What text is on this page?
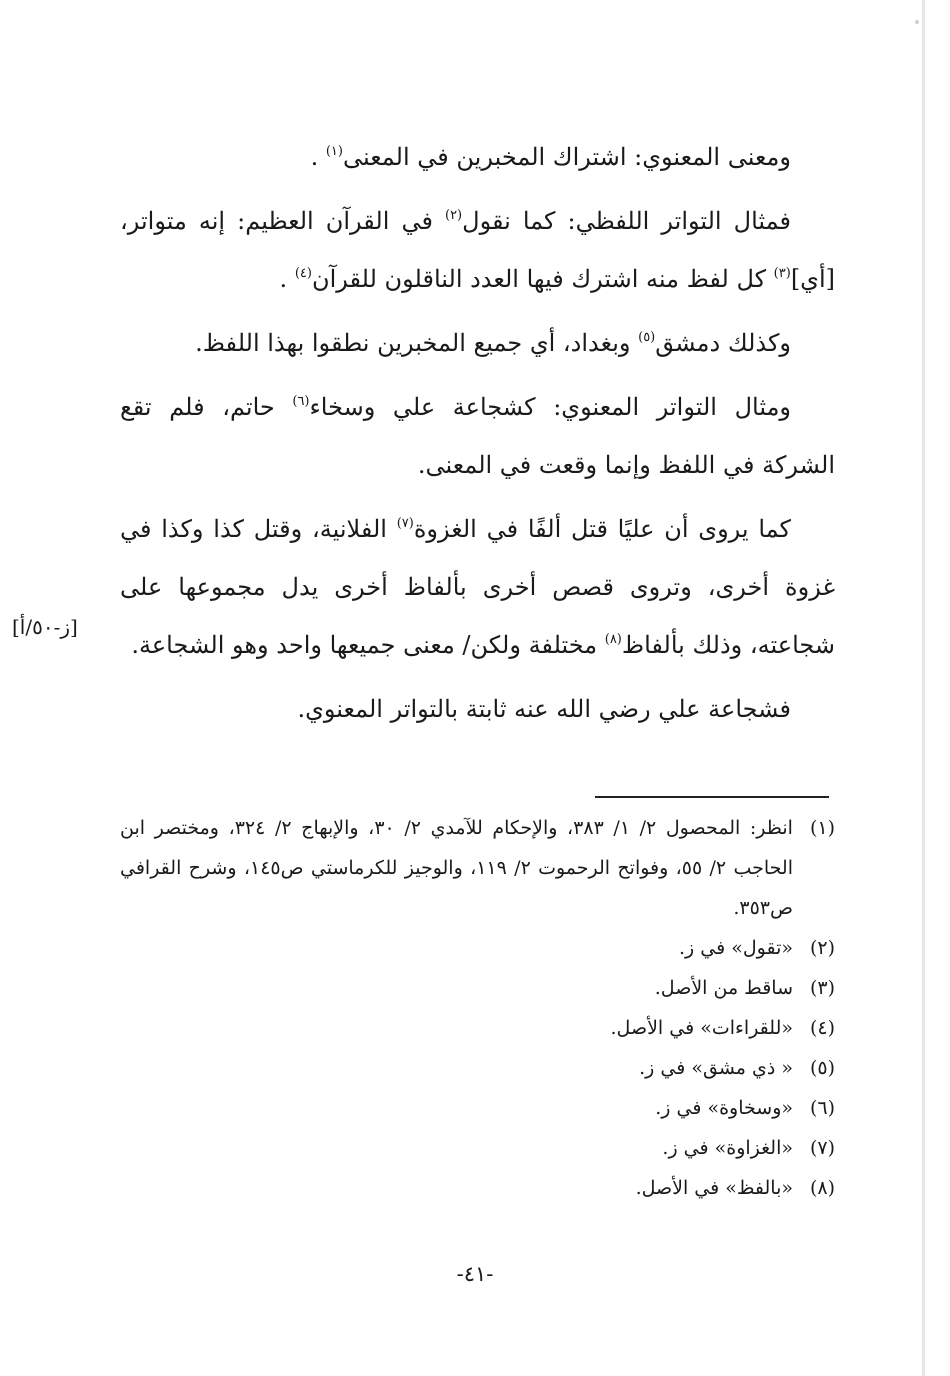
ومعنى المعنوي: اشتراك المخبرين في المعنى$^{(١)}$ .

فمثال التواتر اللفظي: كما نقول$^{(٢)}$ في القرآن العظيم: إنه متواتر، [أي]$^{(٣)}$ كل لفظ منه اشترك فيها العدد الناقلون للقرآن$^{(٤)}$ .

وكذلك دمشق$^{(٥)}$ وبغداد، أي جميع المخبرين نطقوا بهذا اللفظ.

ومثال التواتر المعنوي: كشجاعة علي وسخاء$^{(٦)}$ حاتم، فلم تقع الشركة في اللفظ وإنما وقعت في المعنى.

كما يروى أن عليًا قتل ألفًا في الغزوة$^{(٧)}$ الفلانية، وقتل كذا وكذا في غزوة أخرى، وتروى قصص أخرى بألفاظ أخرى يدل مجموعها على شجاعته، وذلك بألفاظ$^{(٨)}$ مختلفة ولكن/ معنى جميعها واحد وهو الشجاعة.

فشجاعة علي رضي الله عنه ثابتة بالتواتر المعنوي.

[ز-٥٠/أ]
(١)
انظر: المحصول ٢/ ١/ ٣٨٣، والإحكام للآمدي ٢/ ٣٠، والإبهاج ٢/ ٣٢٤، ومختصر ابن الحاجب ٢/ ٥٥، وفواتح الرحموت ٢/ ١١٩، والوجيز للكرماستي ص١٤٥، وشرح القرافي ص٣٥٣.
(٢)
«تقول» في ز.
(٣)
ساقط من الأصل.
(٤)
«للقراءات» في الأصل.
(٥)
« ذي مشق» في ز.
(٦)
«وسخاوة» في ز.
(٧)
«الغزاوة» في ز.
(٨)
«بالفظ» في الأصل.
-٤١-
